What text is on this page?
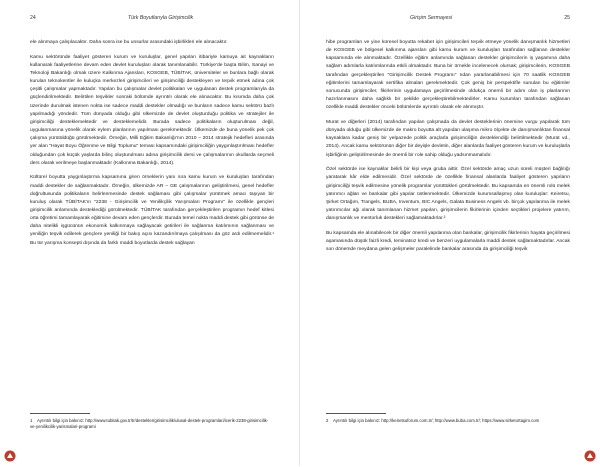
24	Türk Boyutlarıyla Girişimcilik

ele alınmaya çalışılacaktır. Daha sonra ise bu unsurlar arasındaki işbirlikleri ele alınacaktır.

Kamu sektöründe faaliyet gösteren kurum ve kuruluşlar, genel yapıları itibariyle kamuya ait kaynakların kullanarak faaliyetlerine devam eden devlet kuruluşları olarak tanımlanabilir. Türkiye'de başta Bilim, Sanayi ve Teknoloji Bakanlığı olmak üzere Kalkınma Ajansları, KOSGEB, TÜBİTAK, üniversiteler ve bunlara bağlı olarak kurulan teknokentler ile kuluçka merkezleri girişimcileri ve girişimciliği destekleyen ve teşvik etmek adına çok çeşitli çalışmalar yapmaktadır. Yapılan bu çalışmalar devlet politikaları ve uygulanan destek programlarıyla da güçlendirilmektedir. Belirtilen teşvikler sonraki bölümde ayrıntılı olarak ele alınacaktır. Bu kısımda daha çok üzerinde durulmak istenen nokta ise sadece maddi destekler olmadığı ve bunların sadece kamu sektörü bazlı yapılmadığı yöndedir. Tüm dünyada olduğu gibi ülkemizde de devlet oluşturduğu politika ve stratejiler ile girişimciliği desteklemektedir ve desteklemelidir. Burada sadece politikaların oluşturulması değil, uygulanmasına yönelik olarak eylem planlarının yapılması gerekmektedir. Ülkemizde de buna yönelik pek çok çalışma yürütüldüğü görülmektedir. Örneğin, Milli Eğitim Bakanlığı'nın 2010 – 2014 stratejik hedefleri arasında yer alan "Hayat Boyu Öğrenme ve Bilgi Toplumu" teması kapsamındaki girişimciliğin yaygınlaştırılması hedefler olduğundan çok küçük yaşlarda bilinç oluşturulması adına girişimcilik dersi ve çalışmalarının okullarda seçmeli ders olarak verilmeye başlanmaktadır (Kalkınma Bakanlığı, 2014).

Kültürel boyutta yaygınlaştırma kapsamına giren örneklerin yanı sıra kamu kurum ve kuruluşları tarafından maddi destekler de sağlanmaktadır. Örneğin, ülkemizde AR – GE çalışmalarının geliştirilmesi, genel hedefler doğrultusunda politikaların belirlenmesinde destek sağlaması gibi çalışmalar yürütmek amacı taşıyan bir kuruluş olarak TÜBİTAK'ın "2238 - Girişimcilik ve Yenilikçilik Yarışmaları Programı" ile özellikle gençleri girişimcilik anlamında desteklediği görülmektedir. TÜBİTAK tarafından gerçekleştirilen programın hedef kitlesi orta öğretimi tamamlayarak eğitimine devam eden gençlerdir. Burada temel nokta maddi destek gibi görünse de daha nitelikli işgücünün ekonomik kalkınmaya sağlayacak getirileri ile sağlanma katılımının sağlanması ve yeniliğin teşvik edilerek gençlere yeniliği bir bakış açısı kazandırılmaya çalışılması da göz ardı edilmemelidir.¹ Bu tür yarışma konsepti dışında da farklı maddi boyutlarda destek sağlayan

1 Ayrıntılı bilgi için bakınız: http://www.tubitak.gov.tr/tr/destekler/girisimcilik/ulusal-destek-programlari/icerik-2238-girisimcilik-ve-yenilikcilik-yarismalari-programi
Girişim Sermayesi	25

hibe programları ve yine küresel boyutta rekabet için girişimcileri teşvik etmeye yönelik danışmanlık hizmetleri de KOSGEB ve bölgesel kalkınma ajansları gibi kamu kurum ve kuruluşları tarafından sağlanan destekler kapsamında ele alınmaktadır. Özellikle eğitim anlamında sağlanan destekler girişimcilerin iş yaşamına daha sağlam adımlarla katılımlarında etkili olmaktadır. Buna bir örnekle incelenecek olursak; girişimcilerin, KOSGEB tarafından gerçekleştirilen "Girişimcilik Destek Programı" ndan yararlanabilmesi için 70 saatlik KOSGEB eğitimlerini tamamlayarak sertifika almaları gerekmektedir. Çok geniş bir perspektifle sunulan bu eğitimler sonucunda girişimciler, fikirlerinin uygulamaya geçirilmesinde oldukça önemli bir adım olan iş planlarının hazırlanmasını daha sağlıklı bir şekilde gerçekleştirebilmektedirler. Kamu kurumları tarafından sağlanan özellikle maddi destekler önceki bölümlerde ayrıntılı olarak ele alınmıştır.

Murat ve diğerleri (2014) tarafından yapılan çalışmada da devlet desteklerinin önemine vurgu yapılarak tüm dünyada olduğu gibi ülkemizde de makro boyutta alt yapıdan ulaşıma mikro ölçekte de danışmanlıktan finansal kaynaklara kadar geniş bir yelpazede politik araçlarla girişimciliğin desteklendiği belirtilmektedir (Murat vd., 2014). Ancak kamu sektörünün diğer bir deyişle devletin, diğer alanlarda faaliyet gösteren kurum ve kuruluşlarla işbirliğinin geliştirilmesinde de önemli bir role sahip olduğu yadsınmamalıdır.

Özel sektörde ise kaynaklar belirli bir kişi veya gruba aittir. Özel sektörde amaç uzun süreli müşteri bağlılığı yaratarak kâr elde edilmesidir. Özel sektörde de özellikle finansal alanlarda faaliyet gösteren yapıların girişimciliği teşvik edilmesine yönelik programlar yürüttükleri görülmektedir. Bu kapsamda en önemli rolü melek yatırımcı ağları ve bankalar gibi yapılar üstlenmektedir. Ülkemizde kurumsallaşmış olan kuruluşlar: Keiretsu, Şirket Ortağım, Trangels, BUBA, Inventum, BIC Angels, Galata Business Angels vb. birçok yapılanma ile melek yatırımcılar ağı olarak tanımlanan hizmet yapıları, girişimcilerin fikirlerinin içinden seçtikleri projelere yatırım, danışmanlık ve mentorluk destekleri sağlamaktadırlar.²

Bu kapsamda ele alınabilecek bir diğer önemli yapılanma olan bankalar, girişimcilik fikirlerinin hayata geçirilmesi aşamasında düşük faizli kredi, teminatsız kredi ve benzeri uygulamalarla maddi destek sağlamaktadırlar. Ancak son dönemde meydana gelen gelişmeler paralelinde bankalar arasında da girişimciliği teşvik

2 Ayrıntılı bilgi için bakınız: http://keiretsuforum.com.tr/; http://www.buba.com.tr/; https://www.sirketortagim.com
